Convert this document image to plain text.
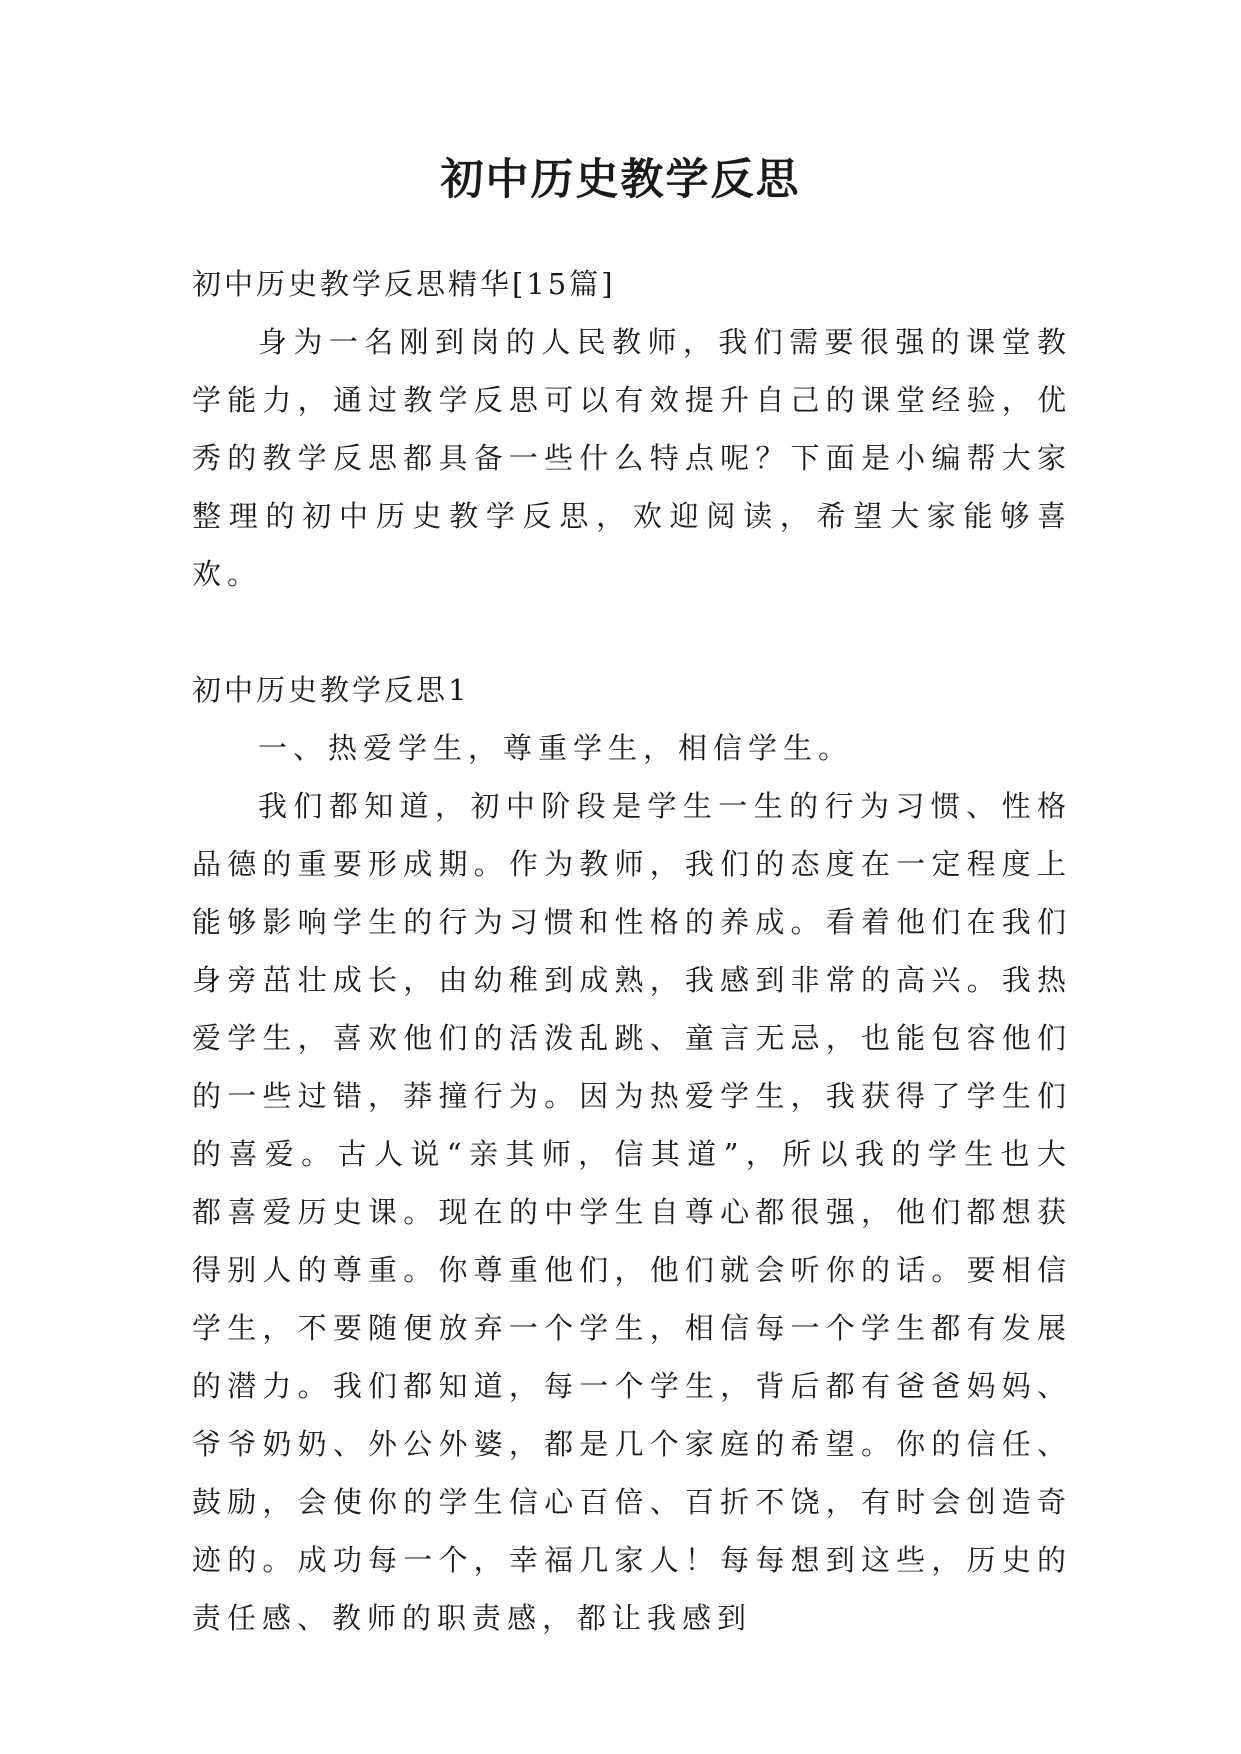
初中历史教学反思

初中历史教学反思精华[15篇]

身为一名刚到岗的人民教师，我们需要很强的课堂教学能力，通过教学反思可以有效提升自己的课堂经验，优秀的教学反思都具备一些什么特点呢？下面是小编帮大家整理的初中历史教学反思，欢迎阅读，希望大家能够喜欢。

初中历史教学反思1

一、热爱学生，尊重学生，相信学生。

我们都知道，初中阶段是学生一生的行为习惯、性格品德的重要形成期。作为教师，我们的态度在一定程度上能够影响学生的行为习惯和性格的养成。看着他们在我们身旁茁壮成长，由幼稚到成熟，我感到非常的高兴。我热爱学生，喜欢他们的活泼乱跳、童言无忌，也能包容他们的一些过错，莽撞行为。因为热爱学生，我获得了学生们的喜爱。古人说“亲其师，信其道”，所以我的学生也大都喜爱历史课。现在的中学生自尊心都很强，他们都想获得别人的尊重。你尊重他们，他们就会听你的话。要相信学生，不要随便放弃一个学生，相信每一个学生都有发展的潜力。我们都知道，每一个学生，背后都有爸爸妈妈、爷爷奶奶、外公外婆，都是几个家庭的希望。你的信任、鼓励，会使你的学生信心百倍、百折不饶，有时会创造奇迹的。成功每一个，幸福几家人！每每想到这些，历史的责任感、教师的职责感，都让我感到
